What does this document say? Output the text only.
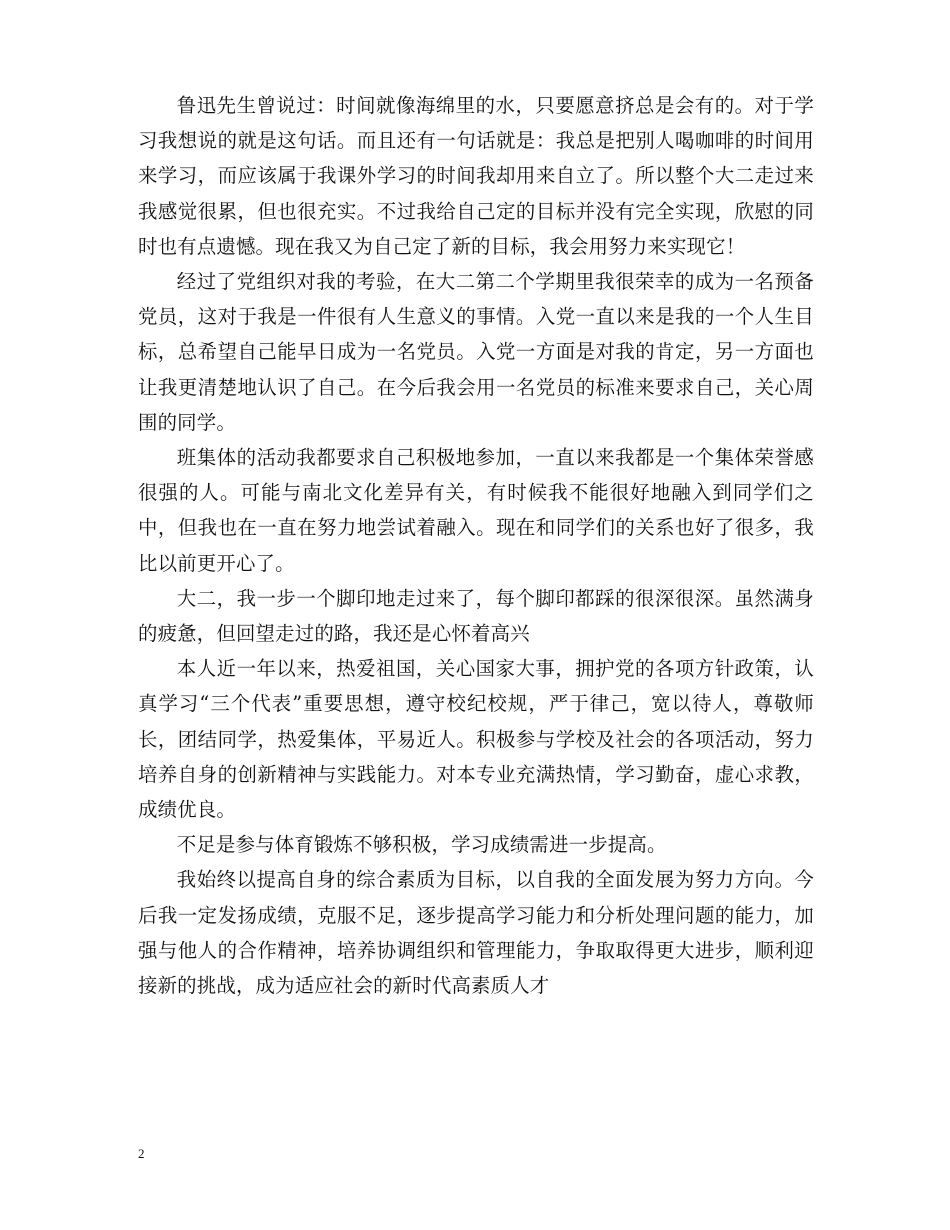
鲁迅先生曾说过：时间就像海绵里的水，只要愿意挤总是会有的。对于学习我想说的就是这句话。而且还有一句话就是：我总是把别人喝咖啡的时间用来学习，而应该属于我课外学习的时间我却用来自立了。所以整个大二走过来我感觉很累，但也很充实。不过我给自己定的目标并没有完全实现，欣慰的同时也有点遗憾。现在我又为自己定了新的目标，我会用努力来实现它！

经过了党组织对我的考验，在大二第二个学期里我很荣幸的成为一名预备党员，这对于我是一件很有人生意义的事情。入党一直以来是我的一个人生目标，总希望自己能早日成为一名党员。入党一方面是对我的肯定，另一方面也让我更清楚地认识了自己。在今后我会用一名党员的标准来要求自己，关心周围的同学。

班集体的活动我都要求自己积极地参加，一直以来我都是一个集体荣誉感很强的人。可能与南北文化差异有关，有时候我不能很好地融入到同学们之中，但我也在一直在努力地尝试着融入。现在和同学们的关系也好了很多，我比以前更开心了。

大二，我一步一个脚印地走过来了，每个脚印都踩的很深很深。虽然满身的疲惫，但回望走过的路，我还是心怀着高兴

本人近一年以来，热爱祖国，关心国家大事，拥护党的各项方针政策，认真学习“三个代表”重要思想，遵守校纪校规，严于律己，宽以待人，尊敬师长，团结同学，热爱集体，平易近人。积极参与学校及社会的各项活动，努力培养自身的创新精神与实践能力。对本专业充满热情，学习勤奋，虚心求教，成绩优良。

不足是参与体育锻炼不够积极，学习成绩需进一步提高。

我始终以提高自身的综合素质为目标，以自我的全面发展为努力方向。今后我一定发扬成绩，克服不足，逐步提高学习能力和分析处理问题的能力，加强与他人的合作精神，培养协调组织和管理能力，争取取得更大进步，顺利迎接新的挑战，成为适应社会的新时代高素质人才

2
